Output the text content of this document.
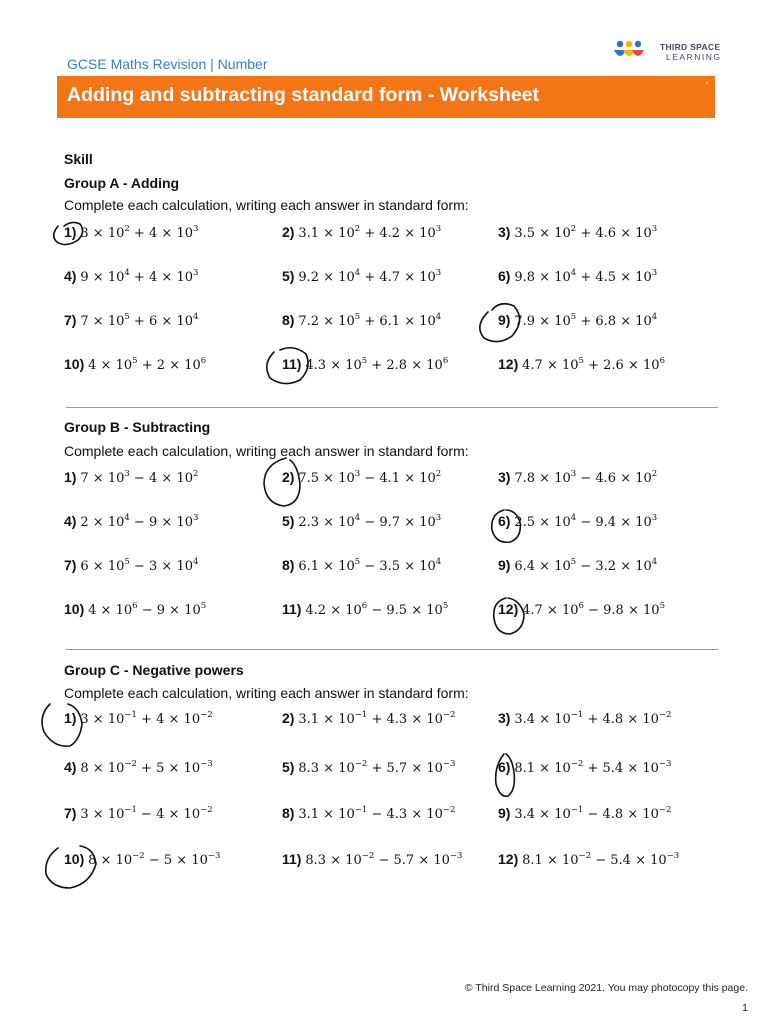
GCSE Maths Revision | Number
THIRD SPACE
LEARNING
Adding and subtracting standard form - Worksheet	'
Skill
Group A - Adding
Complete each calculation, writing each answer in standard form:
1) $3 \times 10^2 + 4 \times 10^3$	2) $3.1 \times 10^2 + 4.2 \times 10^3$	3) $3.5 \times 10^2 + 4.6 \times 10^3$
4) $9 \times 10^4 + 4 \times 10^3$	5) $9.2 \times 10^4 + 4.7 \times 10^3$	6) $9.8 \times 10^4 + 4.5 \times 10^3$
7) $7 \times 10^5 + 6 \times 10^4$	8) $7.2 \times 10^5 + 6.1 \times 10^4$	9) $7.9 \times 10^5 + 6.8 \times 10^4$
10) $4 \times 10^5 + 2 \times 10^6$	11) $4.3 \times 10^5 + 2.8 \times 10^6$	12) $4.7 \times 10^5 + 2.6 \times 10^6$
Group B - Subtracting
Complete each calculation, writing each answer in standard form:
1) $7 \times 10^3 - 4 \times 10^2$	2) $7.5 \times 10^3 - 4.1 \times 10^2$	3) $7.8 \times 10^3 - 4.6 \times 10^2$
4) $2 \times 10^4 - 9 \times 10^3$	5) $2.3 \times 10^4 - 9.7 \times 10^3$	6) $2.5 \times 10^4 - 9.4 \times 10^3$
7) $6 \times 10^5 - 3 \times 10^4$	8) $6.1 \times 10^5 - 3.5 \times 10^4$	9) $6.4 \times 10^5 - 3.2 \times 10^4$
10) $4 \times 10^6 - 9 \times 10^5$	11) $4.2 \times 10^6 - 9.5 \times 10^5$	12) $4.7 \times 10^6 - 9.8 \times 10^5$
Group C - Negative powers
Complete each calculation, writing each answer in standard form:
1) $3 \times 10^{-1} + 4 \times 10^{-2}$	2) $3.1 \times 10^{-1} + 4.3 \times 10^{-2}$	3) $3.4 \times 10^{-1} + 4.8 \times 10^{-2}$
4) $8 \times 10^{-2} + 5 \times 10^{-3}$	5) $8.3 \times 10^{-2} + 5.7 \times 10^{-3}$	6) $8.1 \times 10^{-2} + 5.4 \times 10^{-3}$
7) $3 \times 10^{-1} - 4 \times 10^{-2}$	8) $3.1 \times 10^{-1} - 4.3 \times 10^{-2}$	9) $3.4 \times 10^{-1} - 4.8 \times 10^{-2}$
10) $8 \times 10^{-2} - 5 \times 10^{-3}$	11) $8.3 \times 10^{-2} - 5.7 \times 10^{-3}$	12) $8.1 \times 10^{-2} - 5.4 \times 10^{-3}$
© Third Space Learning 2021. You may photocopy this page.
1
